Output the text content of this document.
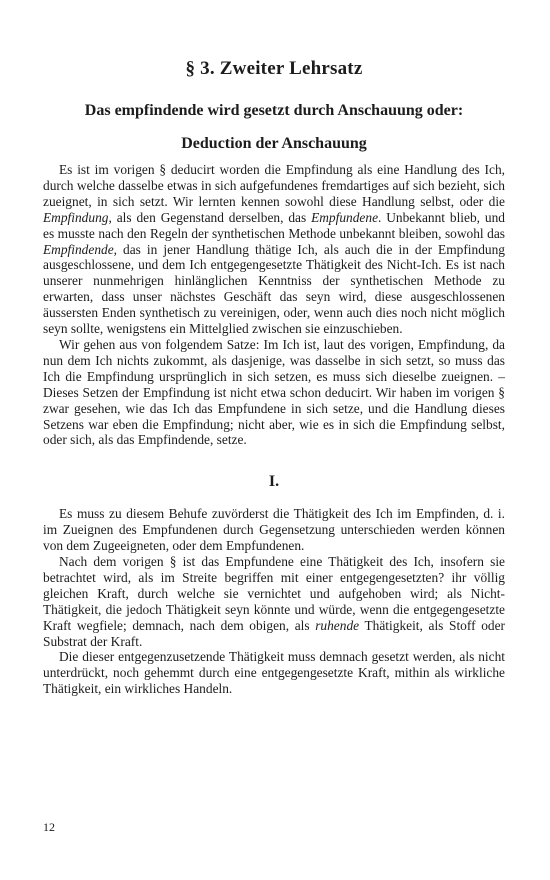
§ 3. Zweiter Lehrsatz
Das empfindende wird gesetzt durch Anschauung oder:
Deduction der Anschauung

Es ist im vorigen § deducirt worden die Empfindung als eine Handlung des Ich, durch welche dasselbe etwas in sich aufgefundenes fremdartiges auf sich bezieht, sich zueignet, in sich setzt. Wir lernten kennen sowohl diese Handlung selbst, oder die Empfindung, als den Gegenstand derselben, das Empfundene. Unbekannt blieb, und es musste nach den Regeln der synthetischen Methode unbekannt bleiben, sowohl das Empfindende, das in jener Handlung thätige Ich, als auch die in der Empfindung ausgeschlossene, und dem Ich entgegengesetzte Thätigkeit des Nicht-Ich. Es ist nach unserer nunmehrigen hinlänglichen Kenntniss der synthetischen Methode zu erwarten, dass unser nächstes Geschäft das seyn wird, diese ausgeschlossenen äussersten Enden synthetisch zu vereinigen, oder, wenn auch dies noch nicht möglich seyn sollte, wenigstens ein Mittelglied zwischen sie einzuschieben.

Wir gehen aus von folgendem Satze: Im Ich ist, laut des vorigen, Empfindung, da nun dem Ich nichts zukommt, als dasjenige, was dasselbe in sich setzt, so muss das Ich die Empfindung ursprünglich in sich setzen, es muss sich dieselbe zueignen. – Dieses Setzen der Empfindung ist nicht etwa schon deducirt. Wir haben im vorigen § zwar gesehen, wie das Ich das Empfundene in sich setze, und die Handlung dieses Setzens war eben die Empfindung; nicht aber, wie es in sich die Empfindung selbst, oder sich, als das Empfindende, setze.

I.

Es muss zu diesem Behufe zuvörderst die Thätigkeit des Ich im Empfinden, d. i. im Zueignen des Empfundenen durch Gegensetzung unterschieden werden können von dem Zugeeigneten, oder dem Empfundenen.

Nach dem vorigen § ist das Empfundene eine Thätigkeit des Ich, insofern sie betrachtet wird, als im Streite begriffen mit einer entgegengesetzten? ihr völlig gleichen Kraft, durch welche sie vernichtet und aufgehoben wird; als Nicht-Thätigkeit, die jedoch Thätigkeit seyn könnte und würde, wenn die entgegengesetzte Kraft wegfiele; demnach, nach dem obigen, als ruhende Thätigkeit, als Stoff oder Substrat der Kraft.

Die dieser entgegenzusetzende Thätigkeit muss demnach gesetzt werden, als nicht unterdrückt, noch gehemmt durch eine entgegengesetzte Kraft, mithin als wirkliche Thätigkeit, ein wirkliches Handeln.

12
